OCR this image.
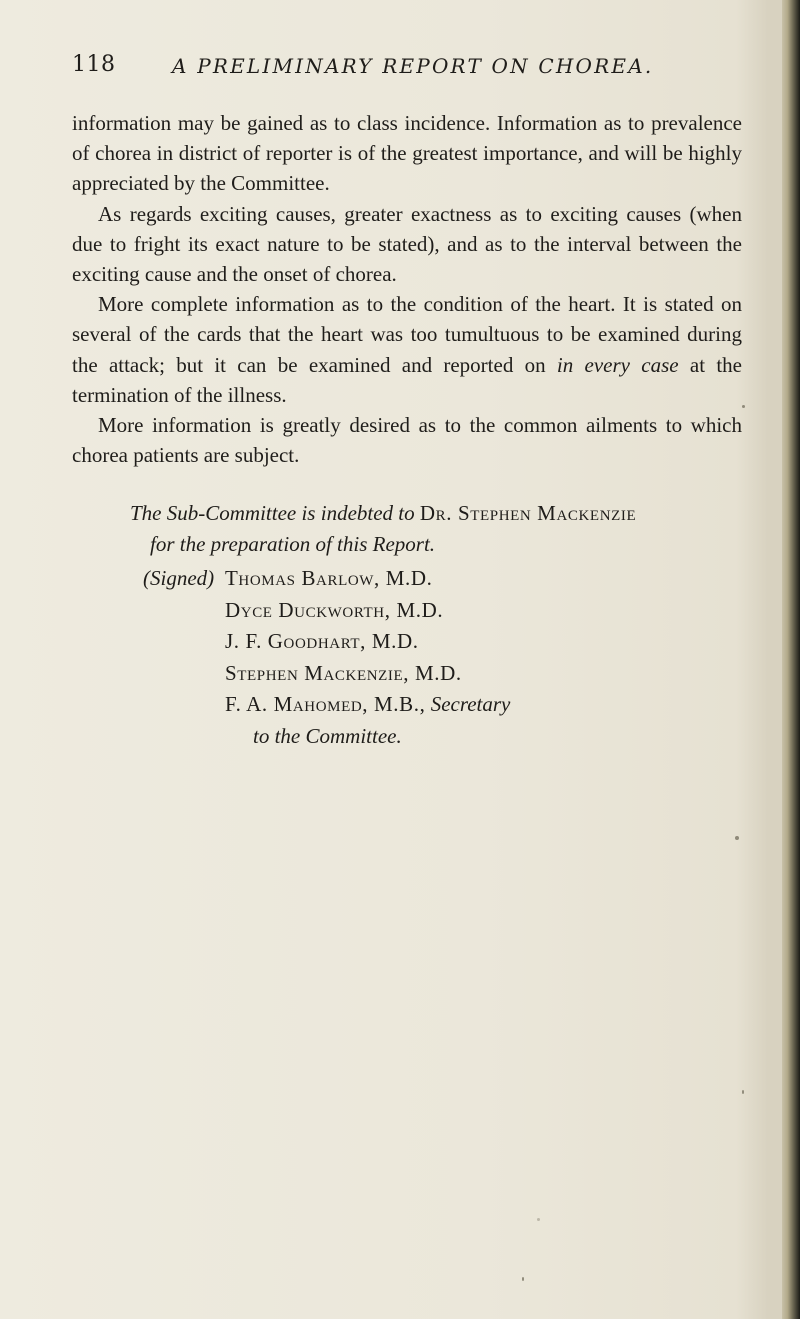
118	A PRELIMINARY REPORT ON CHOREA.

information may be gained as to class incidence. Information as to prevalence of chorea in district of reporter is of the greatest importance, and will be highly appreciated by the Committee.

As regards exciting causes, greater exactness as to exciting causes (when due to fright its exact nature to be stated), and as to the interval between the exciting cause and the onset of chorea.

More complete information as to the condition of the heart. It is stated on several of the cards that the heart was too tumultuous to be examined during the attack; but it can be examined and reported on in every case at the termination of the illness.

More information is greatly desired as to the common ailments to which chorea patients are subject.

The Sub-Committee is indebted to Dr. Stephen Mackenzie
for the preparation of this Report.
(Signed) Thomas Barlow, M.D.
Dyce Duckworth, M.D.
J. F. Goodhart, M.D.
Stephen Mackenzie, M.D.
F. A. Mahomed, M.B., Secretary
to the Committee.
